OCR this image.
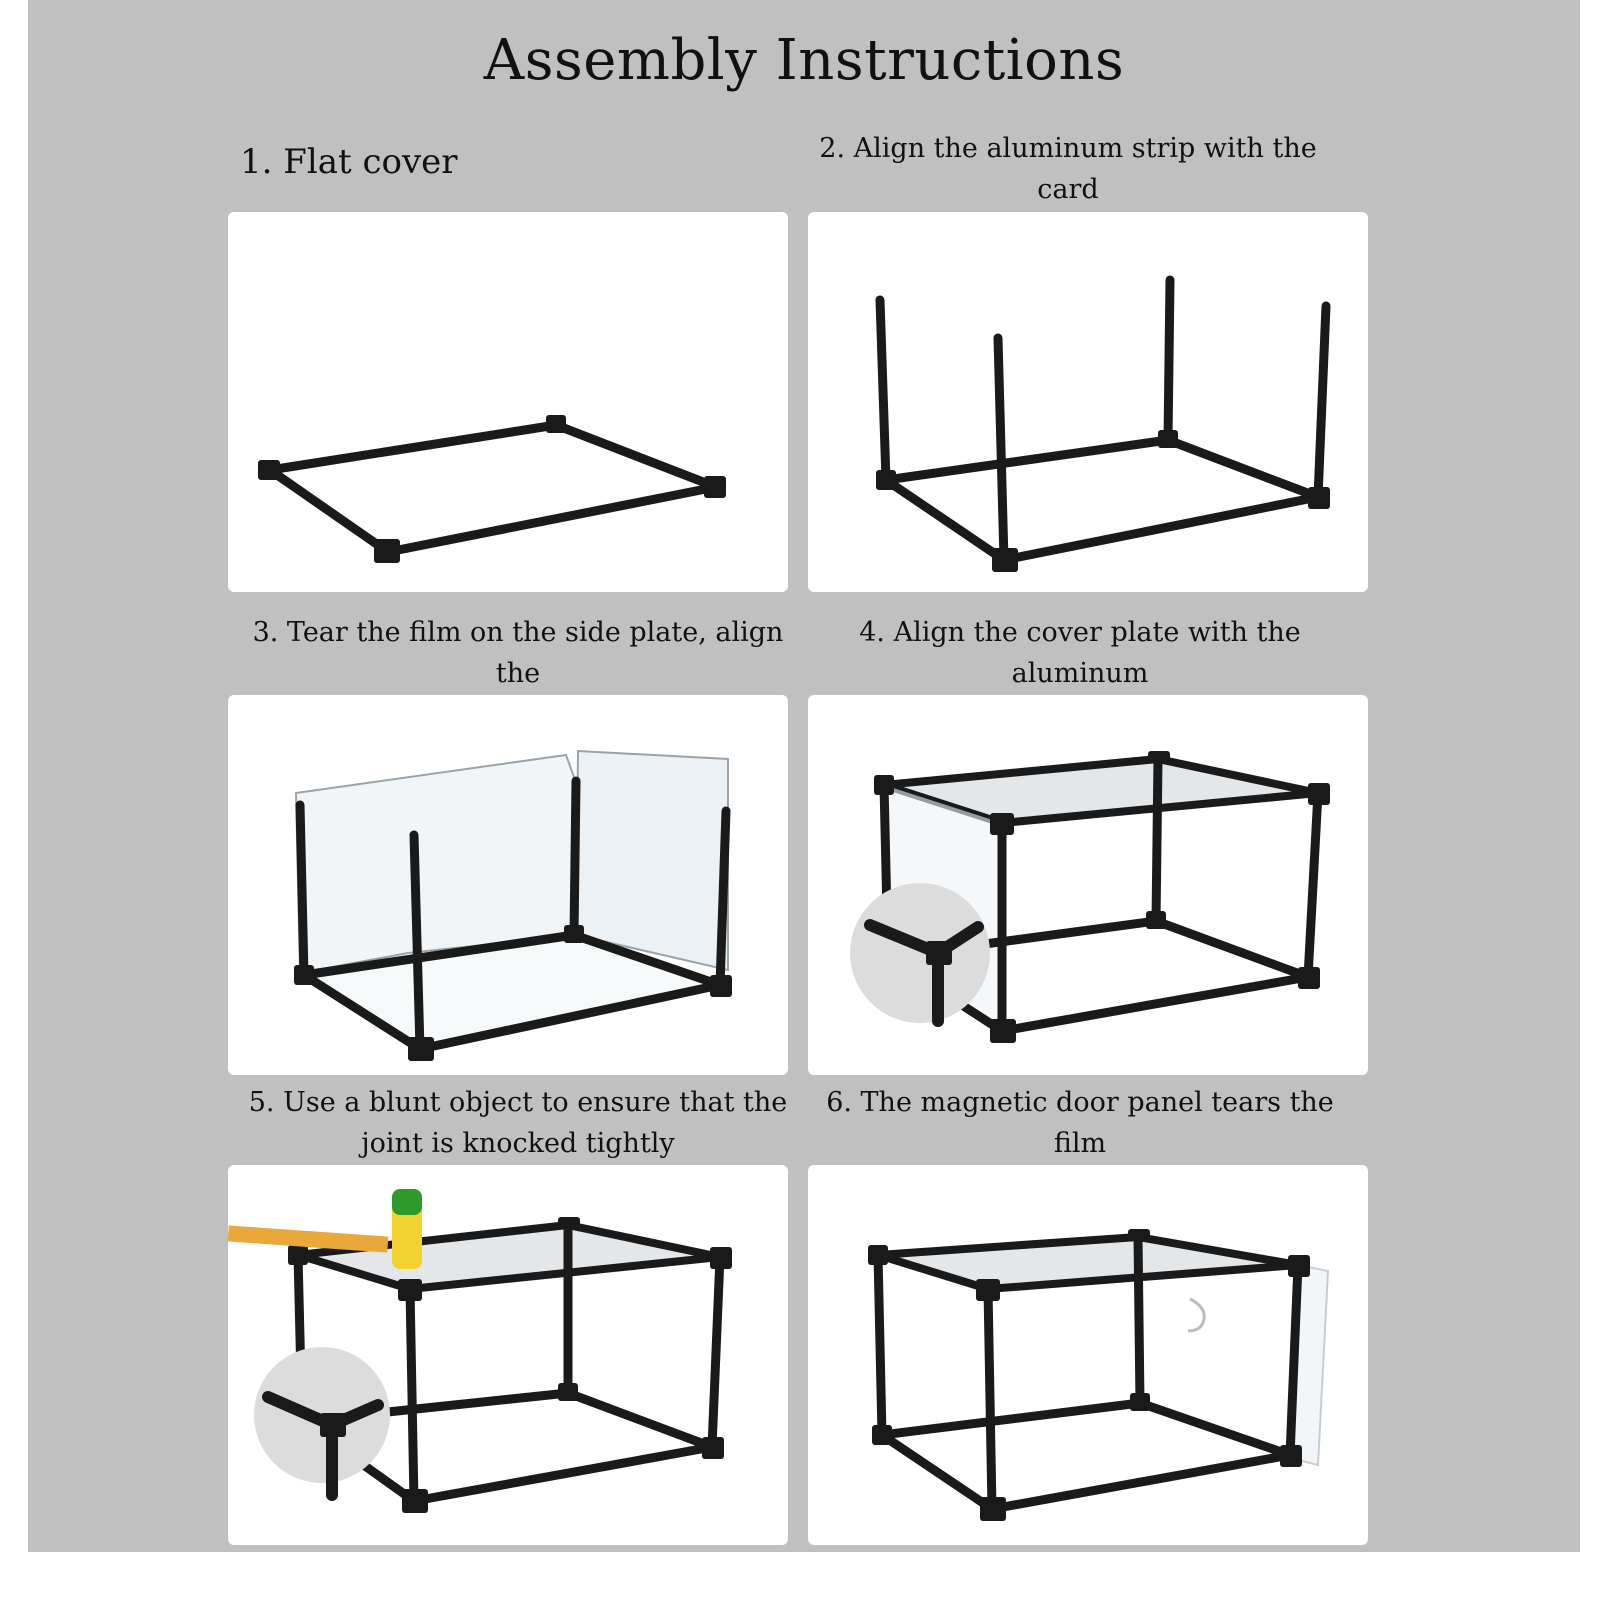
Assembly Instructions
1. Flat cover	2. Align the aluminum strip with the card

3. Tear the film on the side plate, align the

4. Align the cover plate with the aluminum

5. Use a blunt object to ensure that the
joint is knocked tightly
6. The magnetic door panel tears the film
